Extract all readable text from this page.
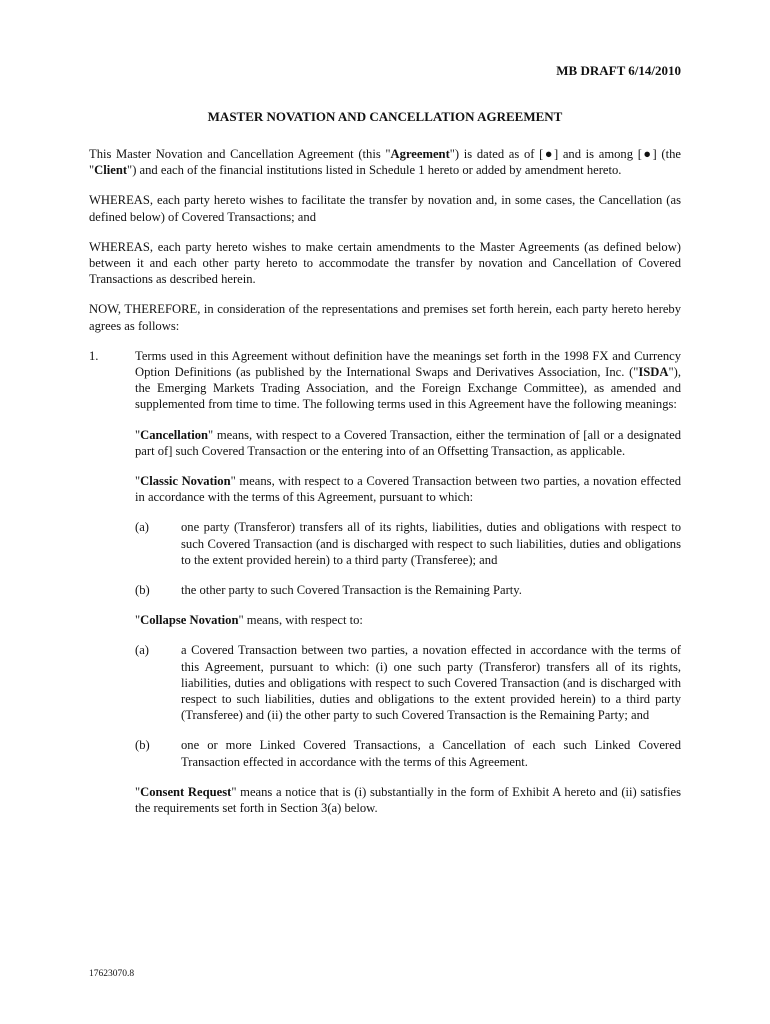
MB DRAFT 6/14/2010
MASTER NOVATION AND CANCELLATION AGREEMENT

This Master Novation and Cancellation Agreement (this "Agreement") is dated as of [●] and is among [●] (the "Client") and each of the financial institutions listed in Schedule 1 hereto or added by amendment hereto.

WHEREAS, each party hereto wishes to facilitate the transfer by novation and, in some cases, the Cancellation (as defined below) of Covered Transactions; and

WHEREAS, each party hereto wishes to make certain amendments to the Master Agreements (as defined below) between it and each other party hereto to accommodate the transfer by novation and Cancellation of Covered Transactions as described herein.

NOW, THEREFORE, in consideration of the representations and premises set forth herein, each party hereto hereby agrees as follows:

1.	Terms used in this Agreement without definition have the meanings set forth in the 1998 FX and Currency Option Definitions (as published by the International Swaps and Derivatives Association, Inc. ("ISDA"), the Emerging Markets Trading Association, and the Foreign Exchange Committee), as amended and supplemented from time to time. The following terms used in this Agreement have the following meanings:

"Cancellation" means, with respect to a Covered Transaction, either the termination of [all or a designated part of] such Covered Transaction or the entering into of an Offsetting Transaction, as applicable.

"Classic Novation" means, with respect to a Covered Transaction between two parties, a novation effected in accordance with the terms of this Agreement, pursuant to which:

(a)	one party (Transferor) transfers all of its rights, liabilities, duties and obligations with respect to such Covered Transaction (and is discharged with respect to such liabilities, duties and obligations to the extent provided herein) to a third party (Transferee); and
(b)	the other party to such Covered Transaction is the Remaining Party.

"Collapse Novation" means, with respect to:

(a)	a Covered Transaction between two parties, a novation effected in accordance with the terms of this Agreement, pursuant to which: (i) one such party (Transferor) transfers all of its rights, liabilities, duties and obligations with respect to such Covered Transaction (and is discharged with respect to such liabilities, duties and obligations to the extent provided herein) to a third party (Transferee) and (ii) the other party to such Covered Transaction is the Remaining Party; and
(b)	one or more Linked Covered Transactions, a Cancellation of each such Linked Covered Transaction effected in accordance with the terms of this Agreement.

"Consent Request" means a notice that is (i) substantially in the form of Exhibit A hereto and (ii) satisfies the requirements set forth in Section 3(a) below.

17623070.8
